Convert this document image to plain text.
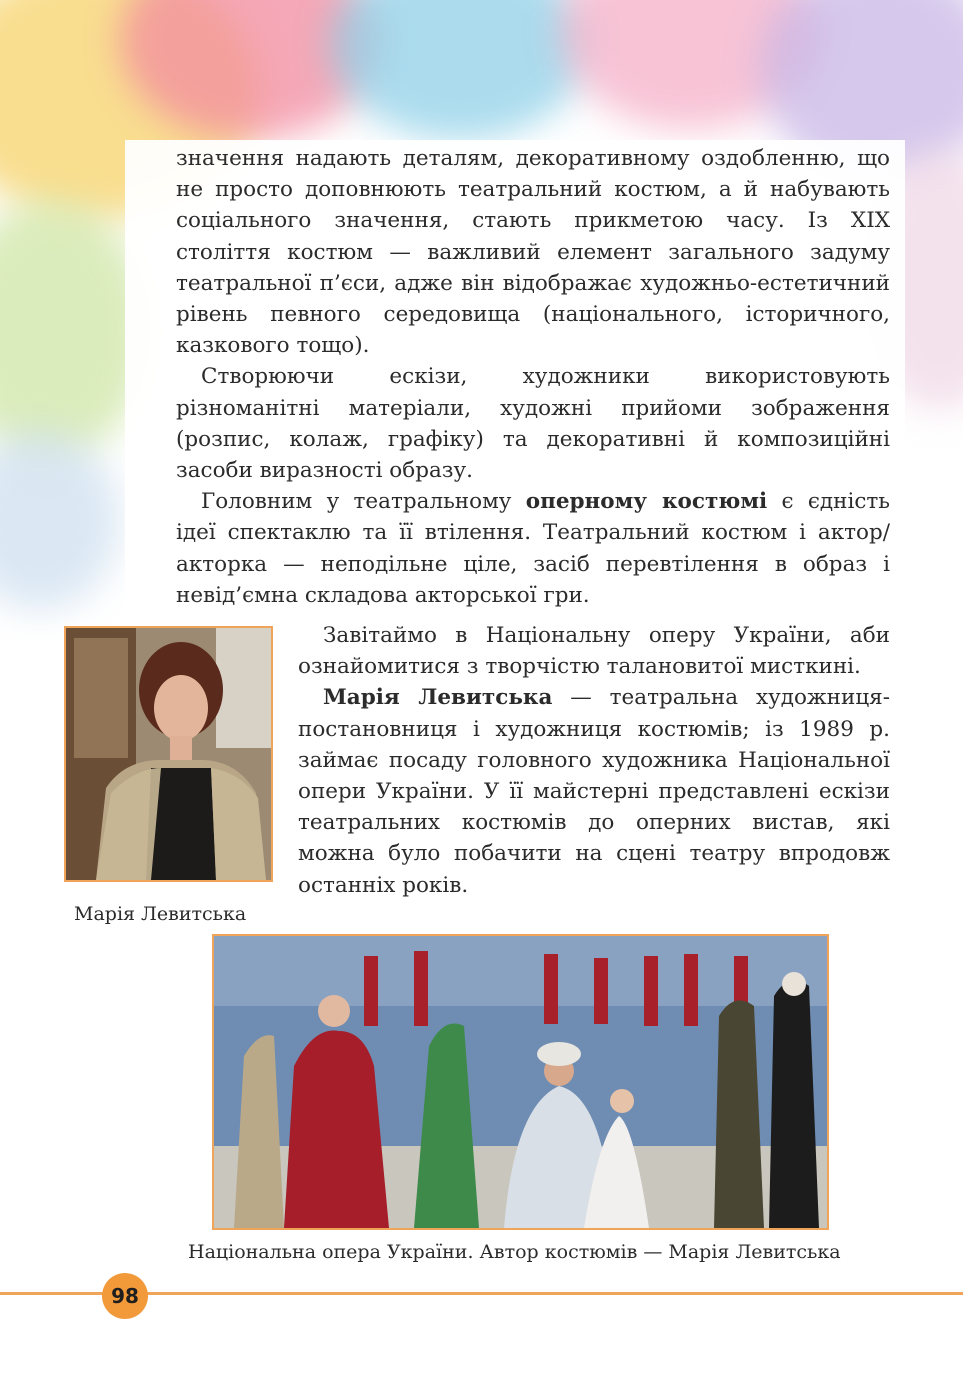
значення надають деталям, декоративному оздобленню, що не просто доповнюють театральний костюм, а й набувають соціального значення, стають прикметою часу. Із XIX століття костюм — важливий елемент загального задуму театральної п’єси, адже він відображає художньо-естетичний рівень певного середовища (національного, історичного, казкового тощо).

Створюючи ескізи, художники використовують різноманітні матеріали, художні прийоми зображення (розпис, колаж, графіку) та декоративні й композиційні засоби виразності образу.

Головним у театральному оперному костюмі є єдність ідеї спектаклю та її втілення. Театральний костюм і актор/акторка — неподільне ціле, засіб перевтілення в образ і невід’ємна складова акторської гри.

Марія Левитська

Завітаймо в Національну оперу України, аби ознайомитися з творчістю талановитої мисткині.

Марія Левитська — театральна художниця-постановниця і художниця костюмів; із 1989 р. займає посаду головного художника Національної опери України. У її майстерні представлені ескізи театральних костюмів до оперних вистав, які можна було побачити на сцені театру впродовж останніх років.

Національна опера України. Автор костюмів — Марія Левитська
98
